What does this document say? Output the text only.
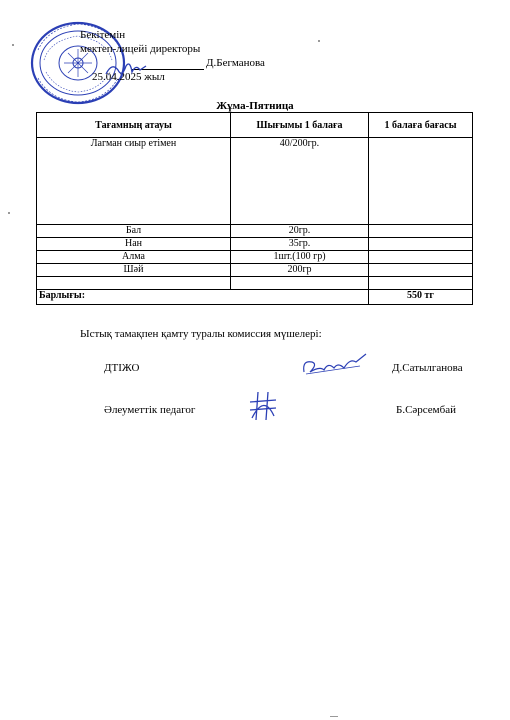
Бекітемін
мектеп-лицейі директоры
Д.Бегманова
25.04.2025 жыл
Жұма-Пятница
Тағамның атауы	Шығымы 1 балаға	1 балаға бағасы
Лагман сиыр етімен	40/200гр.	
Бал	20гр.	
Нан	35гр.	
Алма	1шт.(100 гр)	
Шәй	200гр	

Барлығы:		550 тг
Ыстық тамақпен қамту туралы комиссия мүшелері:
ДТІЖО	Д.Сатылганова
Әлеуметтік педагог	Б.Сәрсембай
